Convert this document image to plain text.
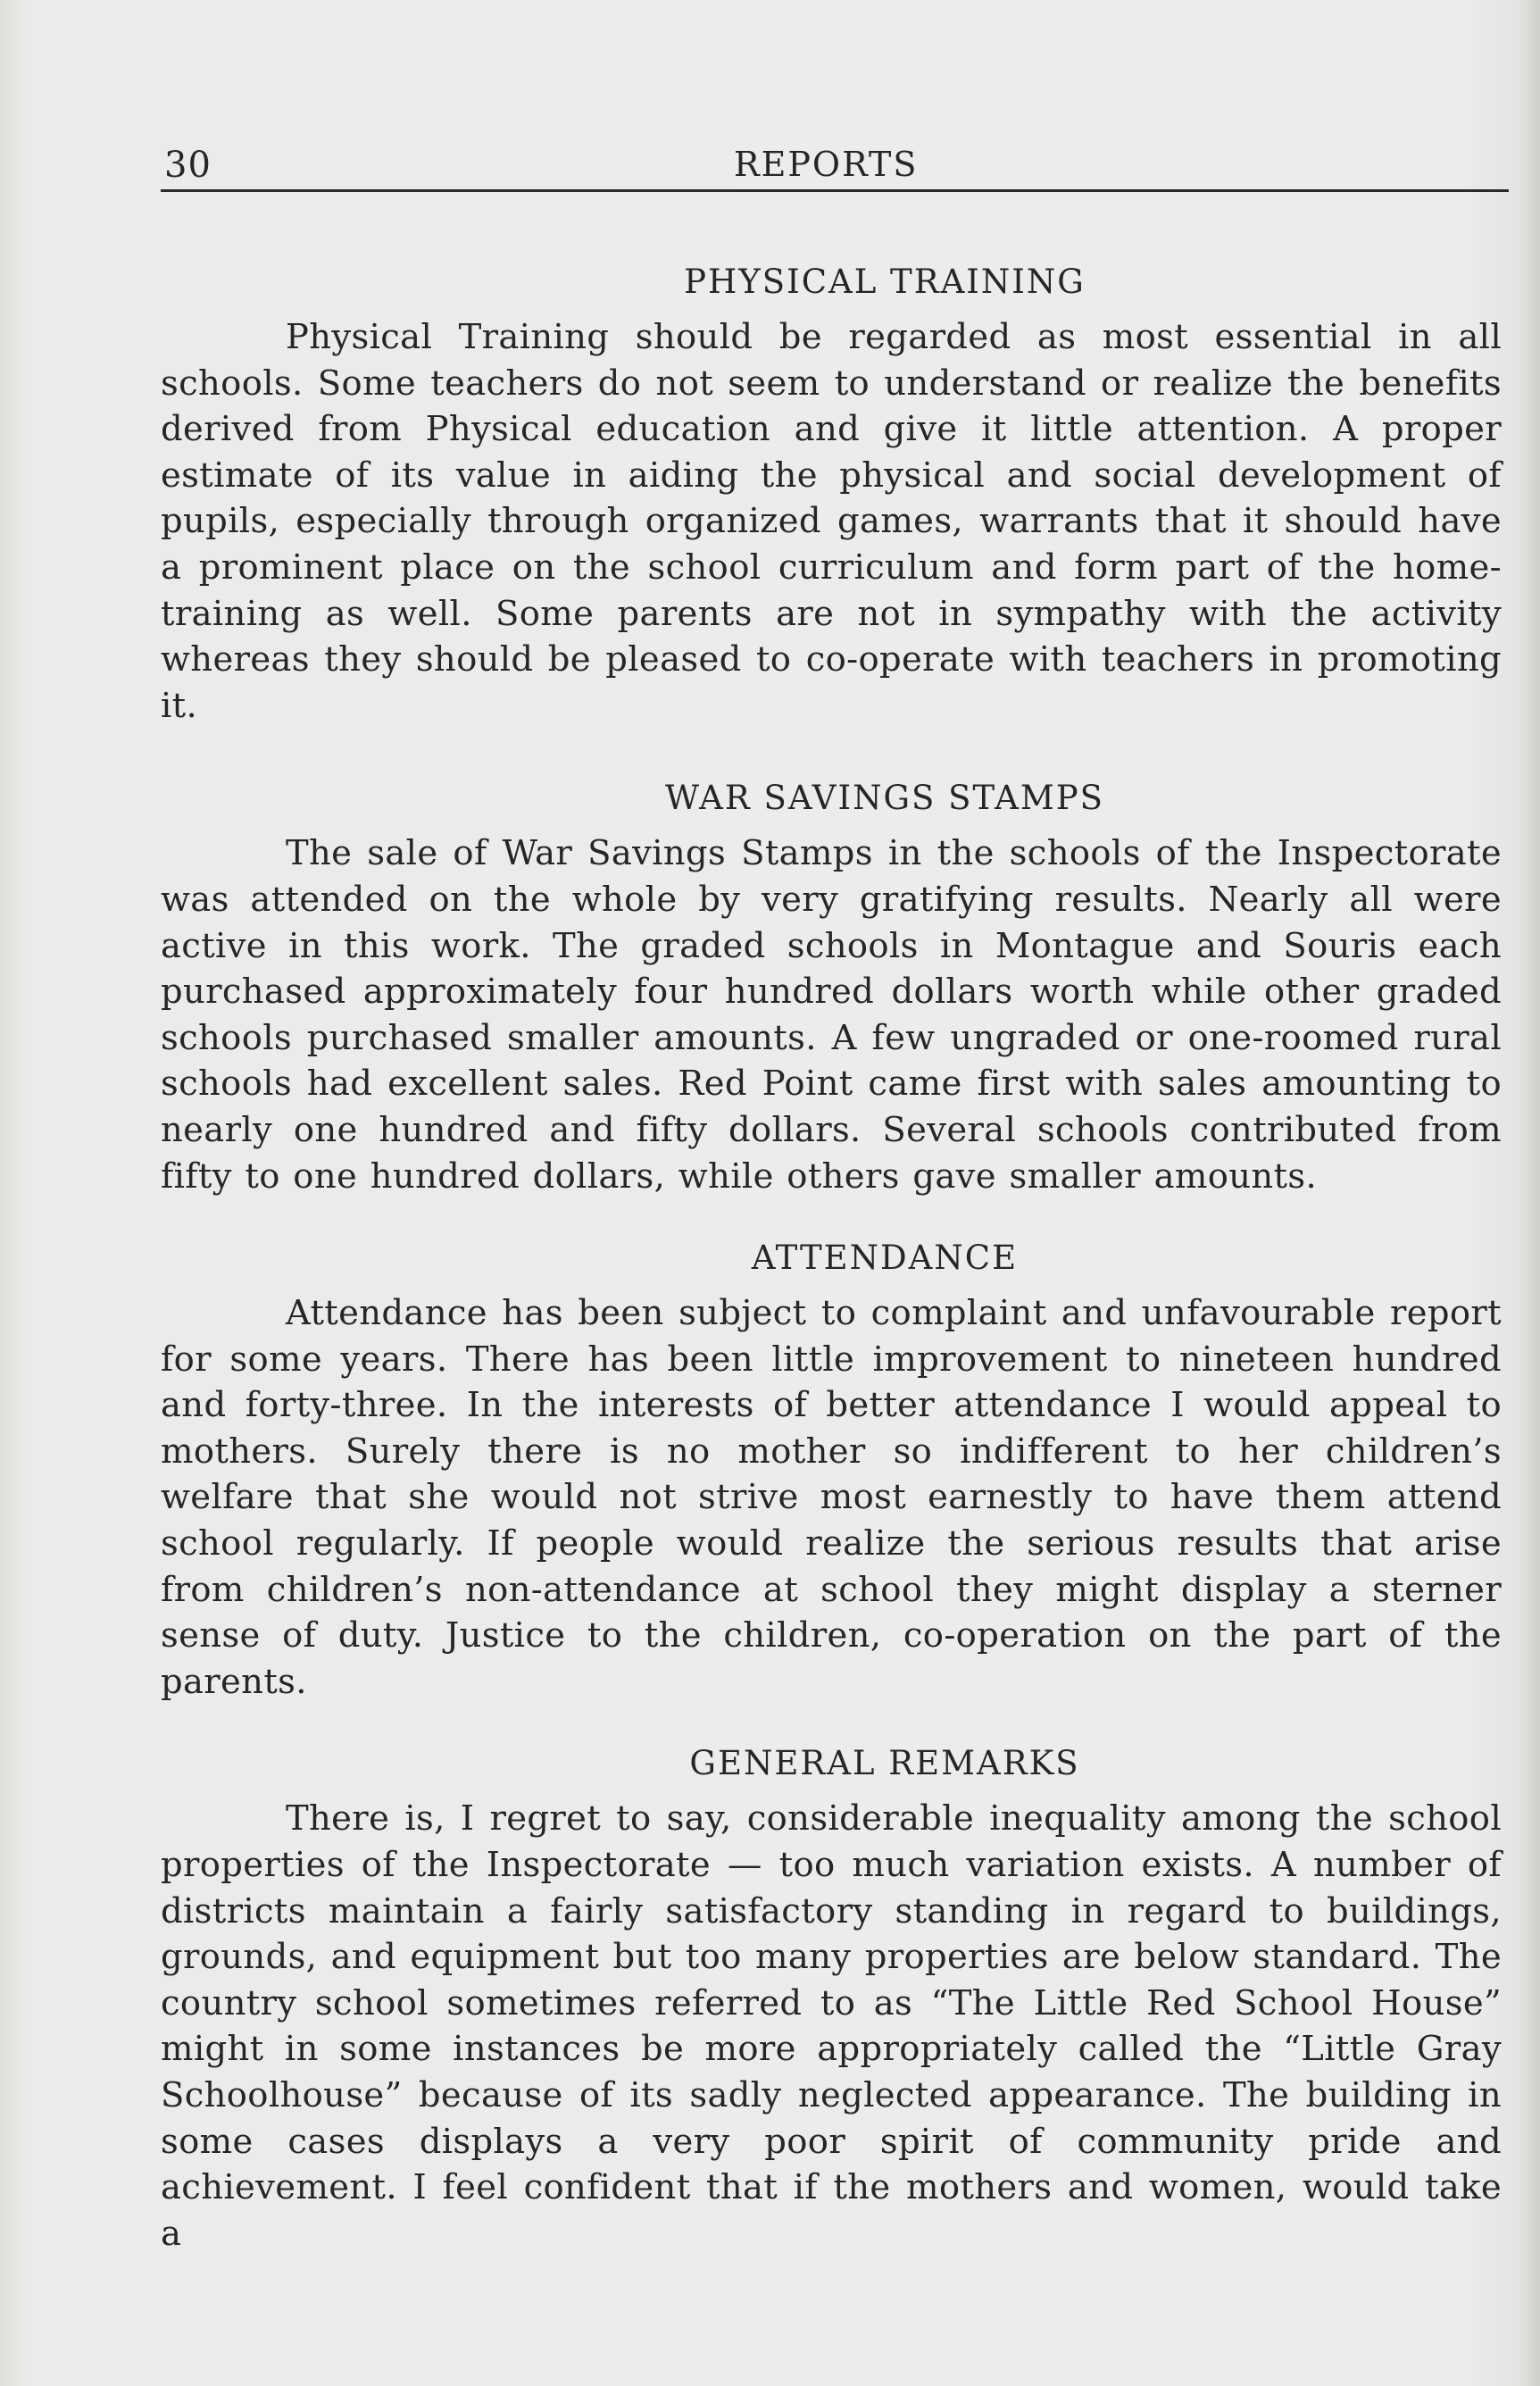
30	REPORTS
PHYSICAL TRAINING

Physical Training should be regarded as most essential in all schools. Some teachers do not seem to understand or realize the benefits derived from Physical education and give it little attention. A proper estimate of its value in aiding the physical and social development of pupils, especially through organized games, warrants that it should have a prominent place on the school curriculum and form part of the home-training as well. Some parents are not in sympathy with the activity whereas they should be pleased to co-operate with teachers in promoting it.

WAR SAVINGS STAMPS

The sale of War Savings Stamps in the schools of the Inspectorate was attended on the whole by very gratifying results. Nearly all were active in this work. The graded schools in Montague and Souris each purchased approximately four hundred dollars worth while other graded schools purchased smaller amounts. A few ungraded or one-roomed rural schools had excellent sales. Red Point came first with sales amounting to nearly one hundred and fifty dollars. Several schools contributed from fifty to one hundred dollars, while others gave smaller amounts.

ATTENDANCE

Attendance has been subject to complaint and unfavourable report for some years. There has been little improvement to nineteen hundred and forty-three. In the interests of better attendance I would appeal to mothers. Surely there is no mother so indifferent to her children’s welfare that she would not strive most earnestly to have them attend school regularly. If people would realize the serious results that arise from children’s non-attendance at school they might display a sterner sense of duty. Justice to the children, co-operation on the part of the parents.

GENERAL REMARKS

There is, I regret to say, considerable inequality among the school properties of the Inspectorate — too much variation exists. A number of districts maintain a fairly satisfactory standing in regard to buildings, grounds, and equipment but too many properties are below standard. The country school sometimes referred to as “The Little Red School House” might in some instances be more appropriately called the “Little Gray Schoolhouse” because of its sadly neglected appearance. The building in some cases displays a very poor spirit of community pride and achievement. I feel confident that if the mothers and women, would take a
